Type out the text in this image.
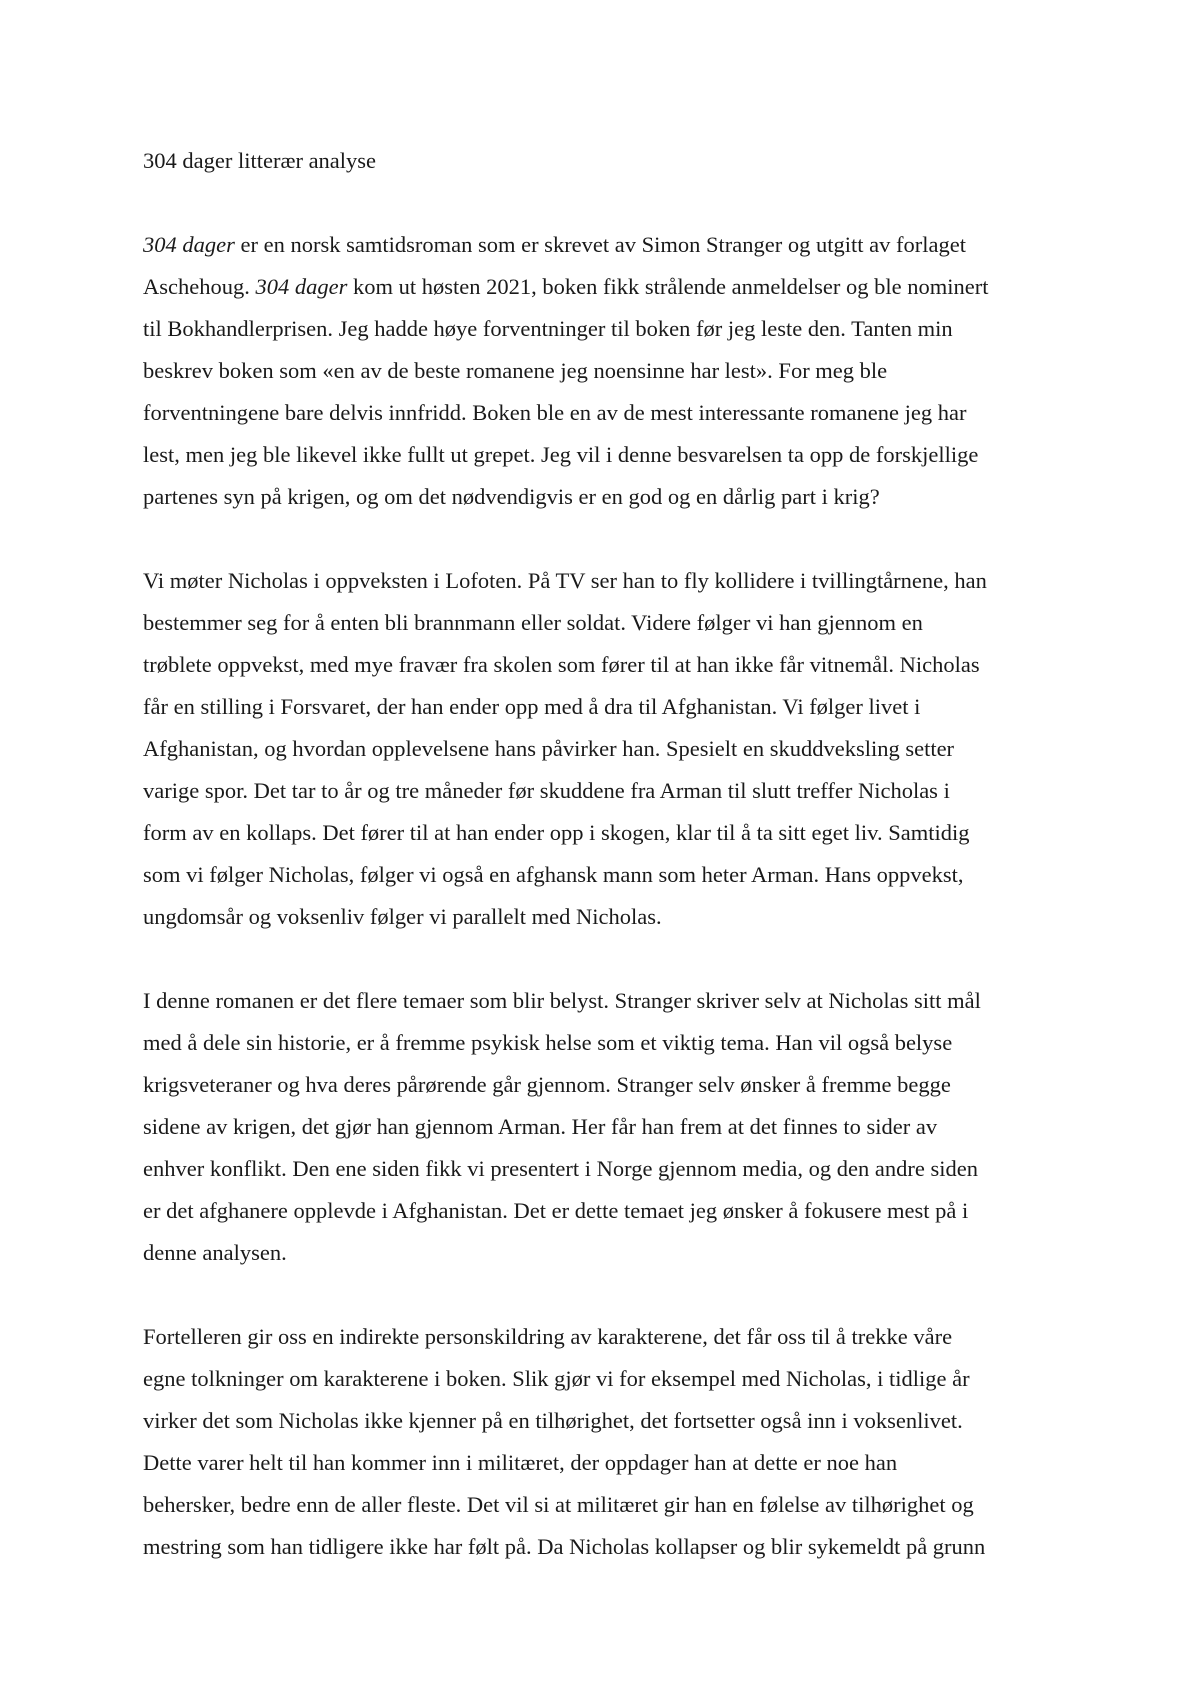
304 dager litterær analyse

304 dager er en norsk samtidsroman som er skrevet av Simon Stranger og utgitt av forlaget
Aschehoug. 304 dager kom ut høsten 2021, boken fikk strålende anmeldelser og ble nominert
til Bokhandlerprisen. Jeg hadde høye forventninger til boken før jeg leste den. Tanten min
beskrev boken som «en av de beste romanene jeg noensinne har lest». For meg ble
forventningene bare delvis innfridd. Boken ble en av de mest interessante romanene jeg har
lest, men jeg ble likevel ikke fullt ut grepet. Jeg vil i denne besvarelsen ta opp de forskjellige
partenes syn på krigen, og om det nødvendigvis er en god og en dårlig part i krig?

Vi møter Nicholas i oppveksten i Lofoten. På TV ser han to fly kollidere i tvillingtårnene, han
bestemmer seg for å enten bli brannmann eller soldat. Videre følger vi han gjennom en
trøblete oppvekst, med mye fravær fra skolen som fører til at han ikke får vitnemål. Nicholas
får en stilling i Forsvaret, der han ender opp med å dra til Afghanistan. Vi følger livet i
Afghanistan, og hvordan opplevelsene hans påvirker han. Spesielt en skuddveksling setter
varige spor. Det tar to år og tre måneder før skuddene fra Arman til slutt treffer Nicholas i
form av en kollaps. Det fører til at han ender opp i skogen, klar til å ta sitt eget liv. Samtidig
som vi følger Nicholas, følger vi også en afghansk mann som heter Arman. Hans oppvekst,
ungdomsår og voksenliv følger vi parallelt med Nicholas.

I denne romanen er det flere temaer som blir belyst. Stranger skriver selv at Nicholas sitt mål
med å dele sin historie, er å fremme psykisk helse som et viktig tema. Han vil også belyse
krigsveteraner og hva deres pårørende går gjennom. Stranger selv ønsker å fremme begge
sidene av krigen, det gjør han gjennom Arman. Her får han frem at det finnes to sider av
enhver konflikt. Den ene siden fikk vi presentert i Norge gjennom media, og den andre siden
er det afghanere opplevde i Afghanistan. Det er dette temaet jeg ønsker å fokusere mest på i
denne analysen.

Fortelleren gir oss en indirekte personskildring av karakterene, det får oss til å trekke våre
egne tolkninger om karakterene i boken. Slik gjør vi for eksempel med Nicholas, i tidlige år
virker det som Nicholas ikke kjenner på en tilhørighet, det fortsetter også inn i voksenlivet.
Dette varer helt til han kommer inn i militæret, der oppdager han at dette er noe han
behersker, bedre enn de aller fleste. Det vil si at militæret gir han en følelse av tilhørighet og
mestring som han tidligere ikke har følt på. Da Nicholas kollapser og blir sykemeldt på grunn
